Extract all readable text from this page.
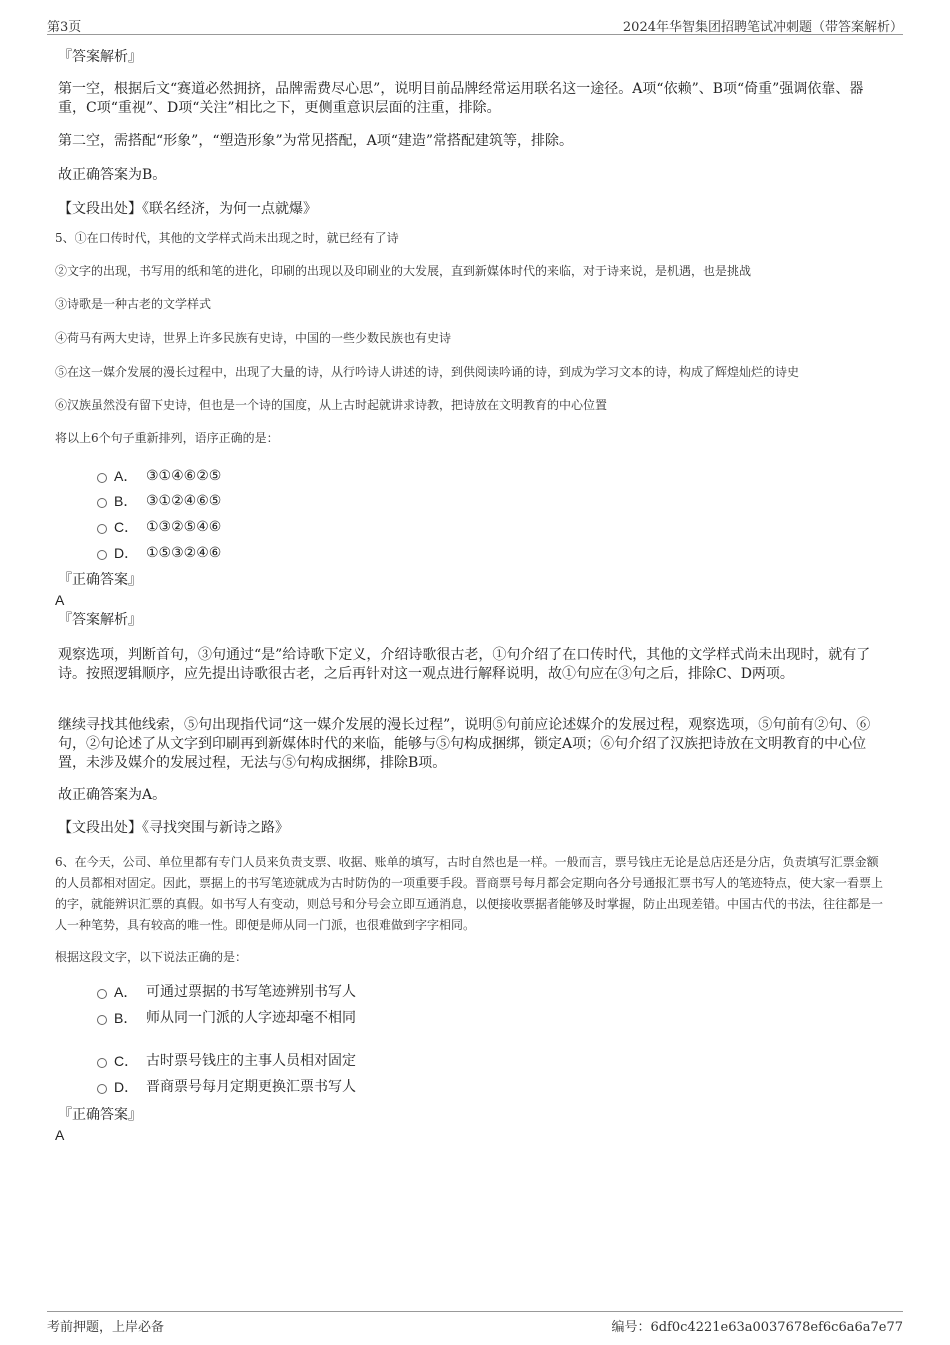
第3页	2024年华智集团招聘笔试冲刺题（带答案解析）
『答案解析』
第一空，根据后文“赛道必然拥挤，品牌需费尽心思”，说明目前品牌经常运用联名这一途径。A项“依赖”、B项“倚重”强调依靠、器重，C项“重视”、D项“关注”相比之下，更侧重意识层面的注重，排除。
第二空，需搭配“形象”，“塑造形象”为常见搭配，A项“建造”常搭配建筑等，排除。
故正确答案为B。
【文段出处】《联名经济，为何一点就爆》
5、①在口传时代，其他的文学样式尚未出现之时，就已经有了诗
②文字的出现，书写用的纸和笔的进化，印刷的出现以及印刷业的大发展，直到新媒体时代的来临，对于诗来说，是机遇，也是挑战
③诗歌是一种古老的文学样式
④荷马有两大史诗，世界上许多民族有史诗，中国的一些少数民族也有史诗
⑤在这一媒介发展的漫长过程中，出现了大量的诗，从行吟诗人讲述的诗，到供阅读吟诵的诗，到成为学习文本的诗，构成了辉煌灿烂的诗史
⑥汉族虽然没有留下史诗，但也是一个诗的国度，从上古时起就讲求诗教，把诗放在文明教育的中心位置
将以上6个句子重新排列，语序正确的是：
A． ③①④⑥②⑤
B． ③①②④⑥⑤
C． ①③②⑤④⑥
D． ①⑤③②④⑥
『正确答案』
A
『答案解析』
观察选项，判断首句，③句通过“是”给诗歌下定义，介绍诗歌很古老，①句介绍了在口传时代，其他的文学样式尚未出现时，就有了诗。按照逻辑顺序，应先提出诗歌很古老，之后再针对这一观点进行解释说明，故①句应在③句之后，排除C、D两项。
继续寻找其他线索，⑤句出现指代词“这一媒介发展的漫长过程”，说明⑤句前应论述媒介的发展过程，观察选项，⑤句前有②句、⑥句，②句论述了从文字到印刷再到新媒体时代的来临，能够与⑤句构成捆绑，锁定A项；⑥句介绍了汉族把诗放在文明教育的中心位置，未涉及媒介的发展过程，无法与⑤句构成捆绑，排除B项。
故正确答案为A。
【文段出处】《寻找突围与新诗之路》
6、在今天，公司、单位里都有专门人员来负责支票、收据、账单的填写，古时自然也是一样。一般而言，票号钱庄无论是总店还是分店，负责填写汇票金额的人员都相对固定。因此，票据上的书写笔迹就成为古时防伪的一项重要手段。晋商票号每月都会定期向各分号通报汇票书写人的笔迹特点，使大家一看票上的字，就能辨识汇票的真假。如书写人有变动，则总号和分号会立即互通消息，以便接收票据者能够及时掌握，防止出现差错。中国古代的书法，往往都是一人一种笔势，具有较高的唯一性。即便是师从同一门派，也很难做到字字相同。
根据这段文字，以下说法正确的是：
A． 可通过票据的书写笔迹辨别书写人
B． 师从同一门派的人字迹却毫不相同
C． 古时票号钱庄的主事人员相对固定
D． 晋商票号每月定期更换汇票书写人
『正确答案』
A
考前押题，上岸必备	编号：6df0c4221e63a0037678ef6c6a6a7e77
